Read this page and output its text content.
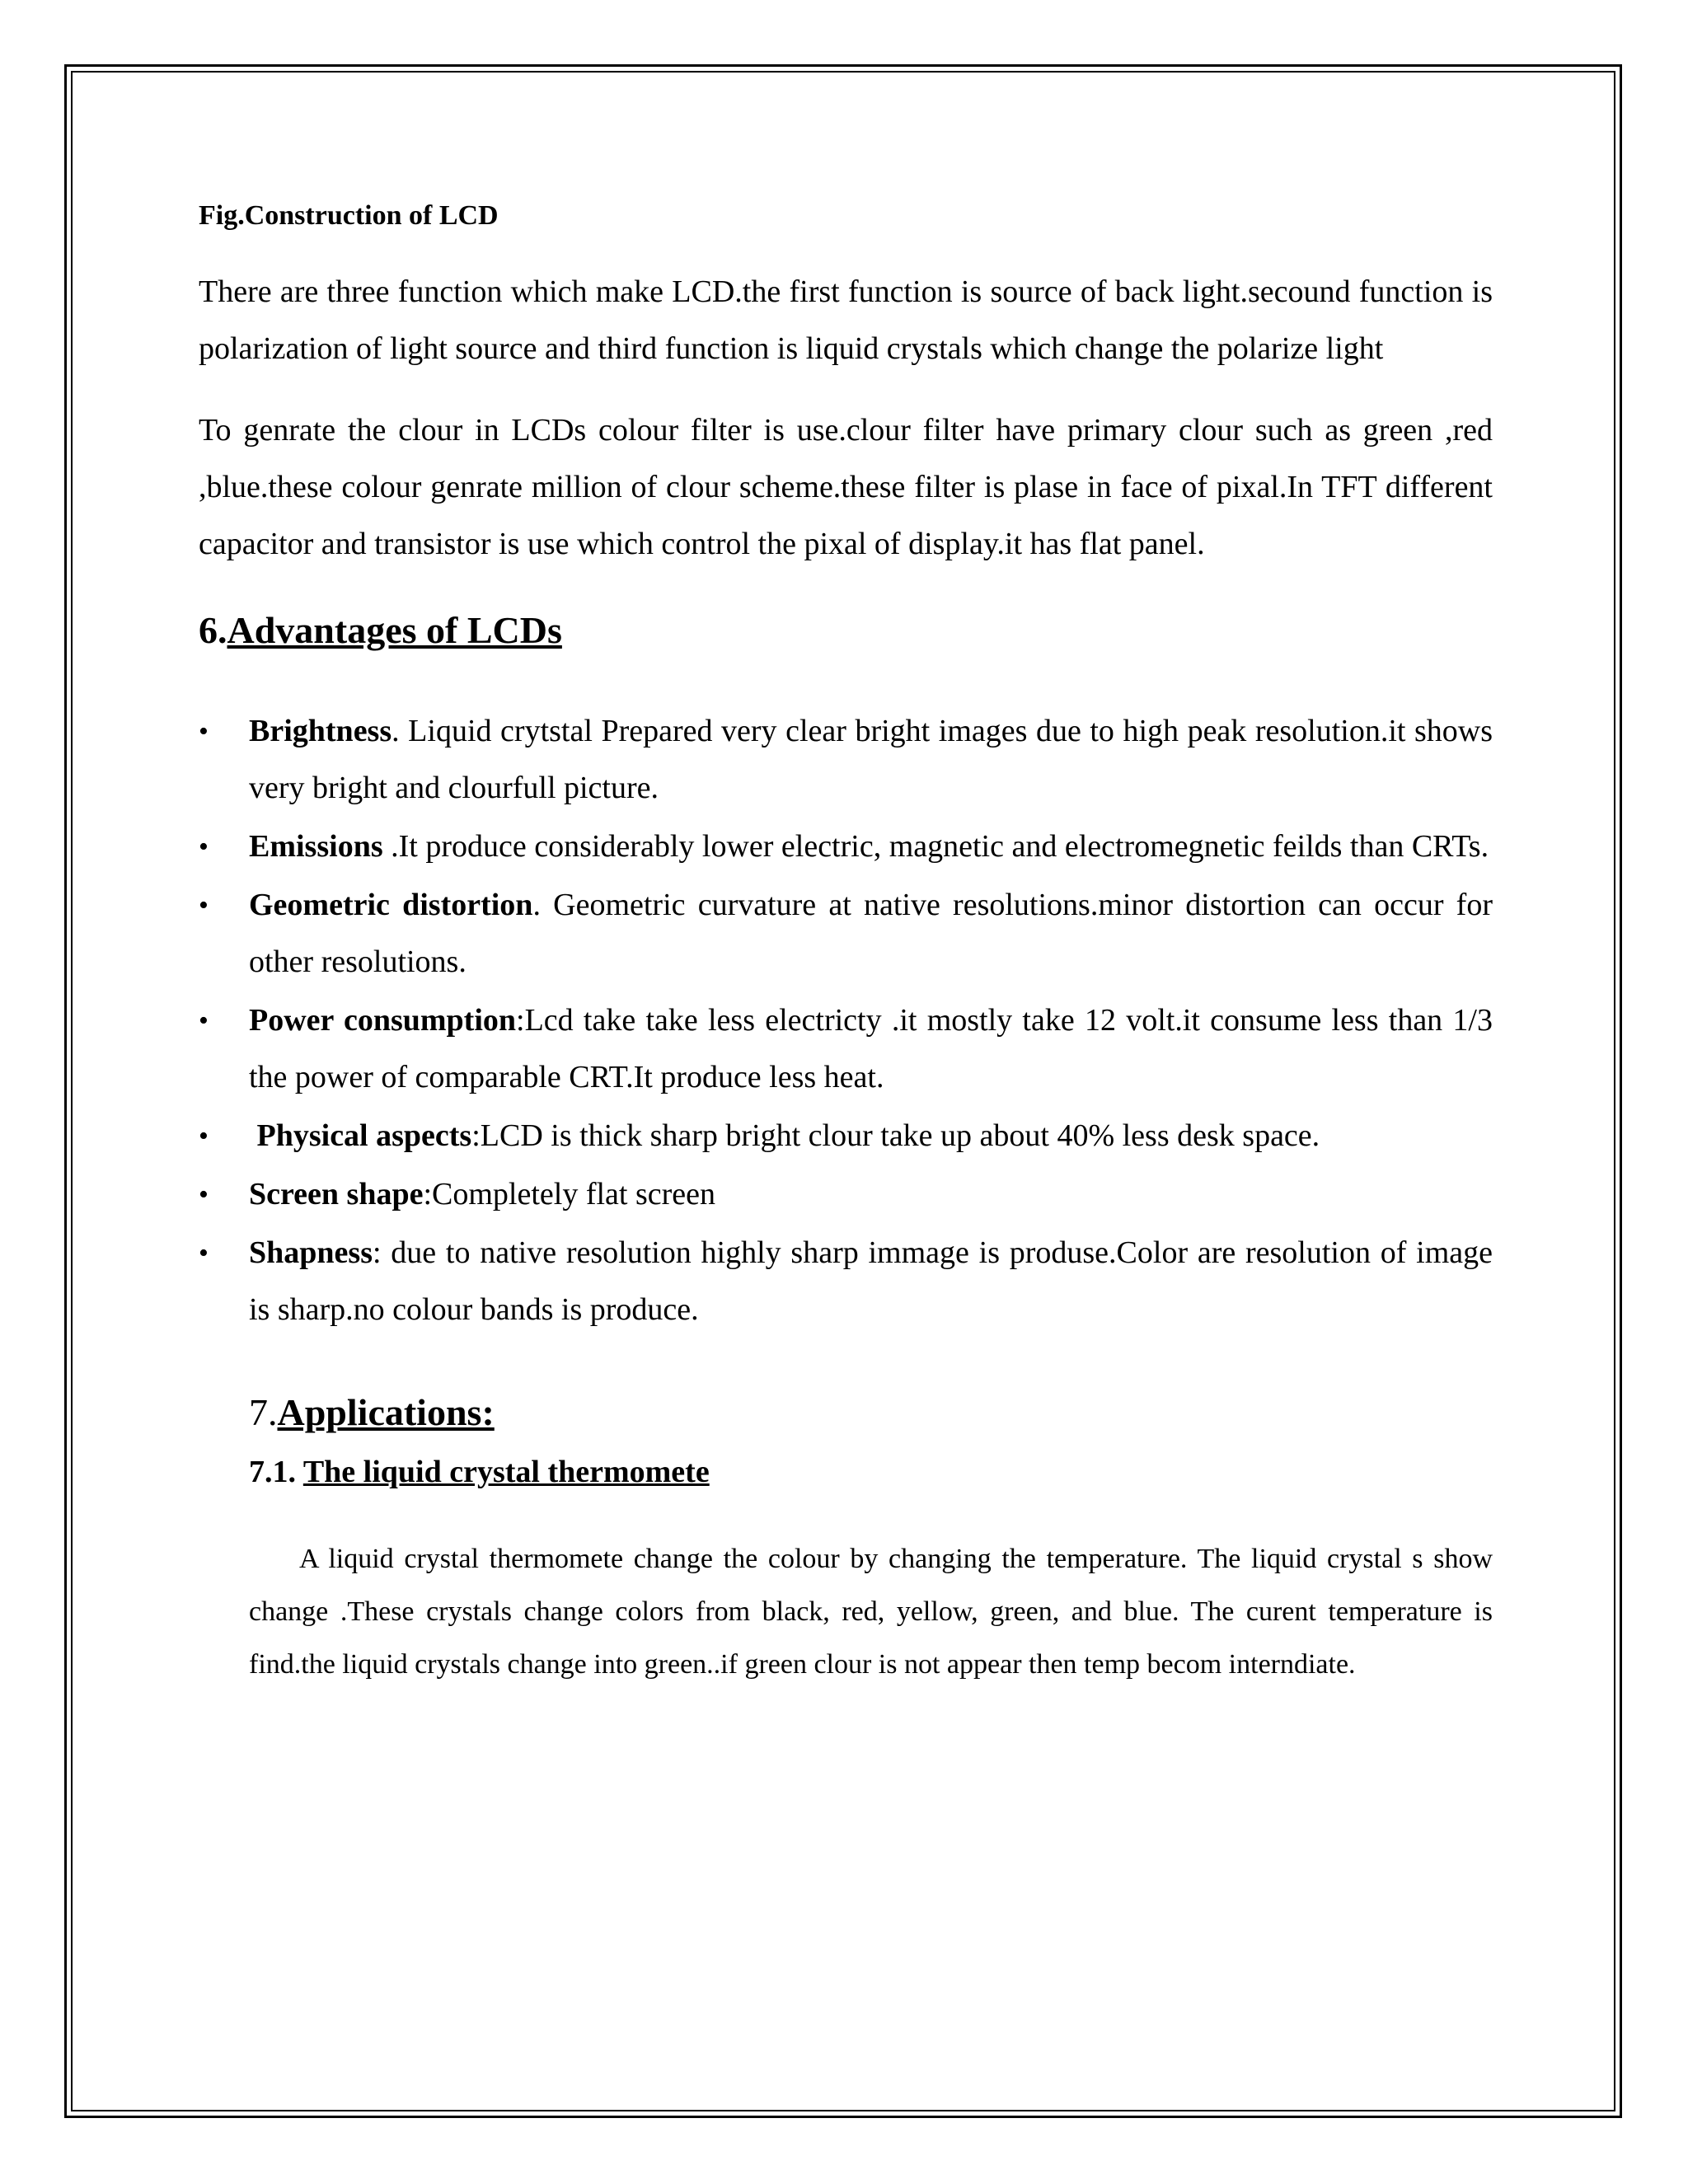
Fig.Construction of LCD

There are three function which make LCD.the first function is source of back light.secound function is polarization of light source and third function is liquid crystals which change the polarize light

To genrate the clour in LCDs colour filter is use.clour filter have primary clour such as green ,red ,blue.these colour genrate million of clour scheme.these filter is plase in face of pixal.In TFT different capacitor and transistor is use which control the pixal of display.it has flat panel.

6.Advantages of LCDs
• Brightness. Liquid crytstal Prepared very clear bright images due to high peak resolution.it shows very bright and clourfull picture.
• Emissions .It produce considerably lower electric, magnetic and electromegnetic feilds than CRTs.
• Geometric distortion. Geometric curvature at native resolutions.minor distortion can occur for other resolutions.
• Power consumption:Lcd take take less electricty .it mostly take 12 volt.it consume less than 1/3 the power of comparable CRT.It produce less heat.
• Physical aspects:LCD is thick sharp bright clour take up about 40% less desk space.
• Screen shape:Completely flat screen
• Shapness: due to native resolution highly sharp immage is produse.Color are resolution of image is sharp.no colour bands is produce.
7.Applications:
7.1. The liquid crystal thermomete

A liquid crystal thermomete change the colour by changing the temperature. The liquid crystal s show change .These crystals change colors from black, red, yellow, green, and blue. The curent temperature is find.the liquid crystals change into green..if green clour is not appear then temp becom interndiate.
